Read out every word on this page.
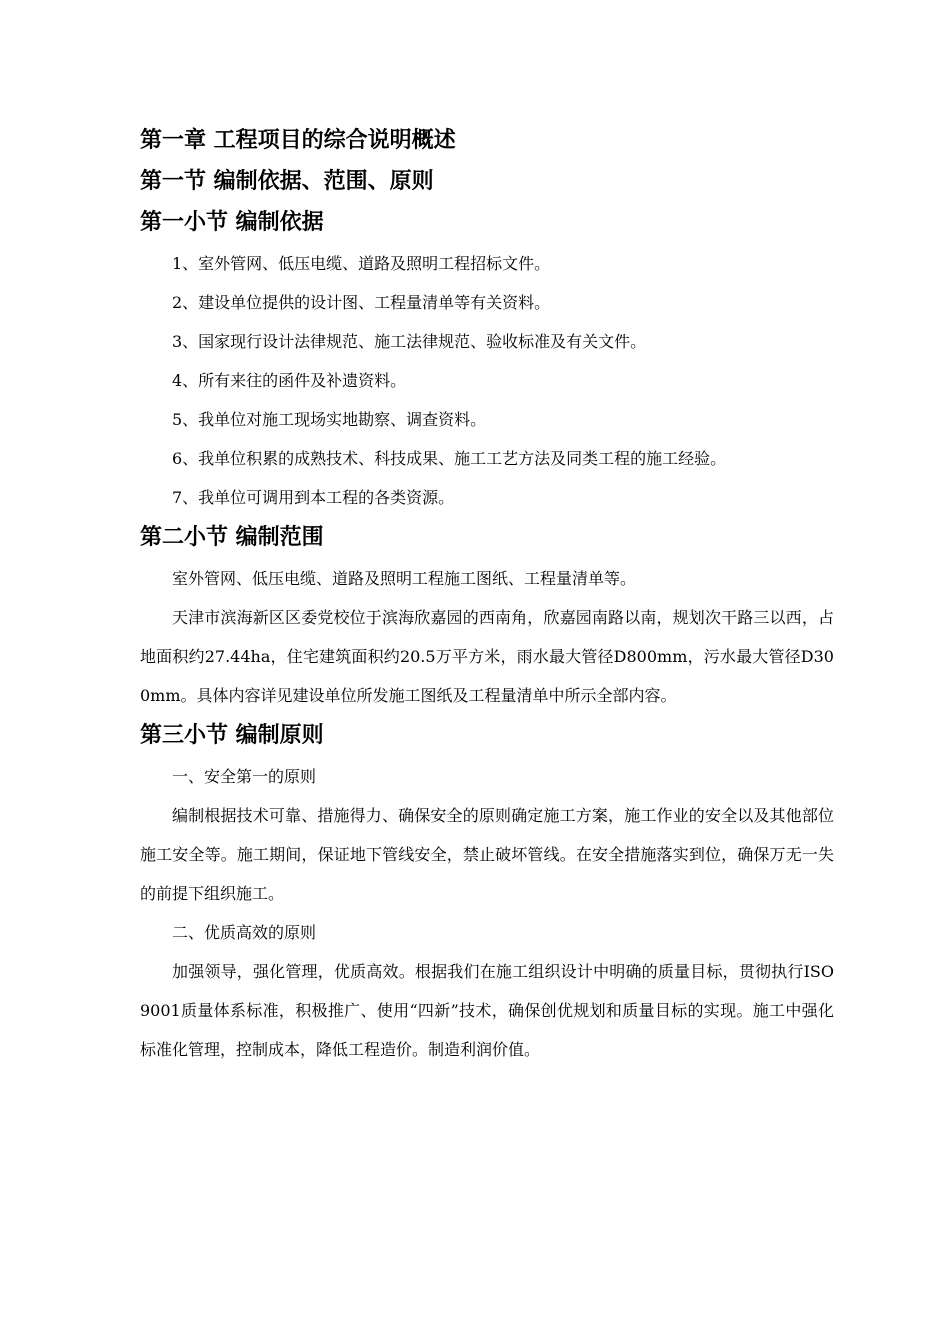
第一章 工程项目的综合说明概述
第一节 编制依据、范围、原则
第一小节 编制依据

1、室外管网、低压电缆、道路及照明工程招标文件。

2、建设单位提供的设计图、工程量清单等有关资料。

3、国家现行设计法律规范、施工法律规范、验收标准及有关文件。

4、所有来往的函件及补遗资料。

5、我单位对施工现场实地勘察、调查资料。

6、我单位积累的成熟技术、科技成果、施工工艺方法及同类工程的施工经验。

7、我单位可调用到本工程的各类资源。

第二小节 编制范围

室外管网、低压电缆、道路及照明工程施工图纸、工程量清单等。

天津市滨海新区区委党校位于滨海欣嘉园的西南角，欣嘉园南路以南，规划次干路三以西，占地面积约27.44ha，住宅建筑面积约20.5万平方米，雨水最大管径D800mm，污水最大管径D300mm。具体内容详见建设单位所发施工图纸及工程量清单中所示全部内容。

第三小节 编制原则

一、安全第一的原则

编制根据技术可靠、措施得力、确保安全的原则确定施工方案，施工作业的安全以及其他部位施工安全等。施工期间，保证地下管线安全，禁止破坏管线。在安全措施落实到位，确保万无一失的前提下组织施工。

二、优质高效的原则

加强领导，强化管理，优质高效。根据我们在施工组织设计中明确的质量目标，贯彻执行ISO9001质量体系标准，积极推广、使用“四新”技术，确保创优规划和质量目标的实现。施工中强化标准化管理，控制成本，降低工程造价。制造利润价值。
